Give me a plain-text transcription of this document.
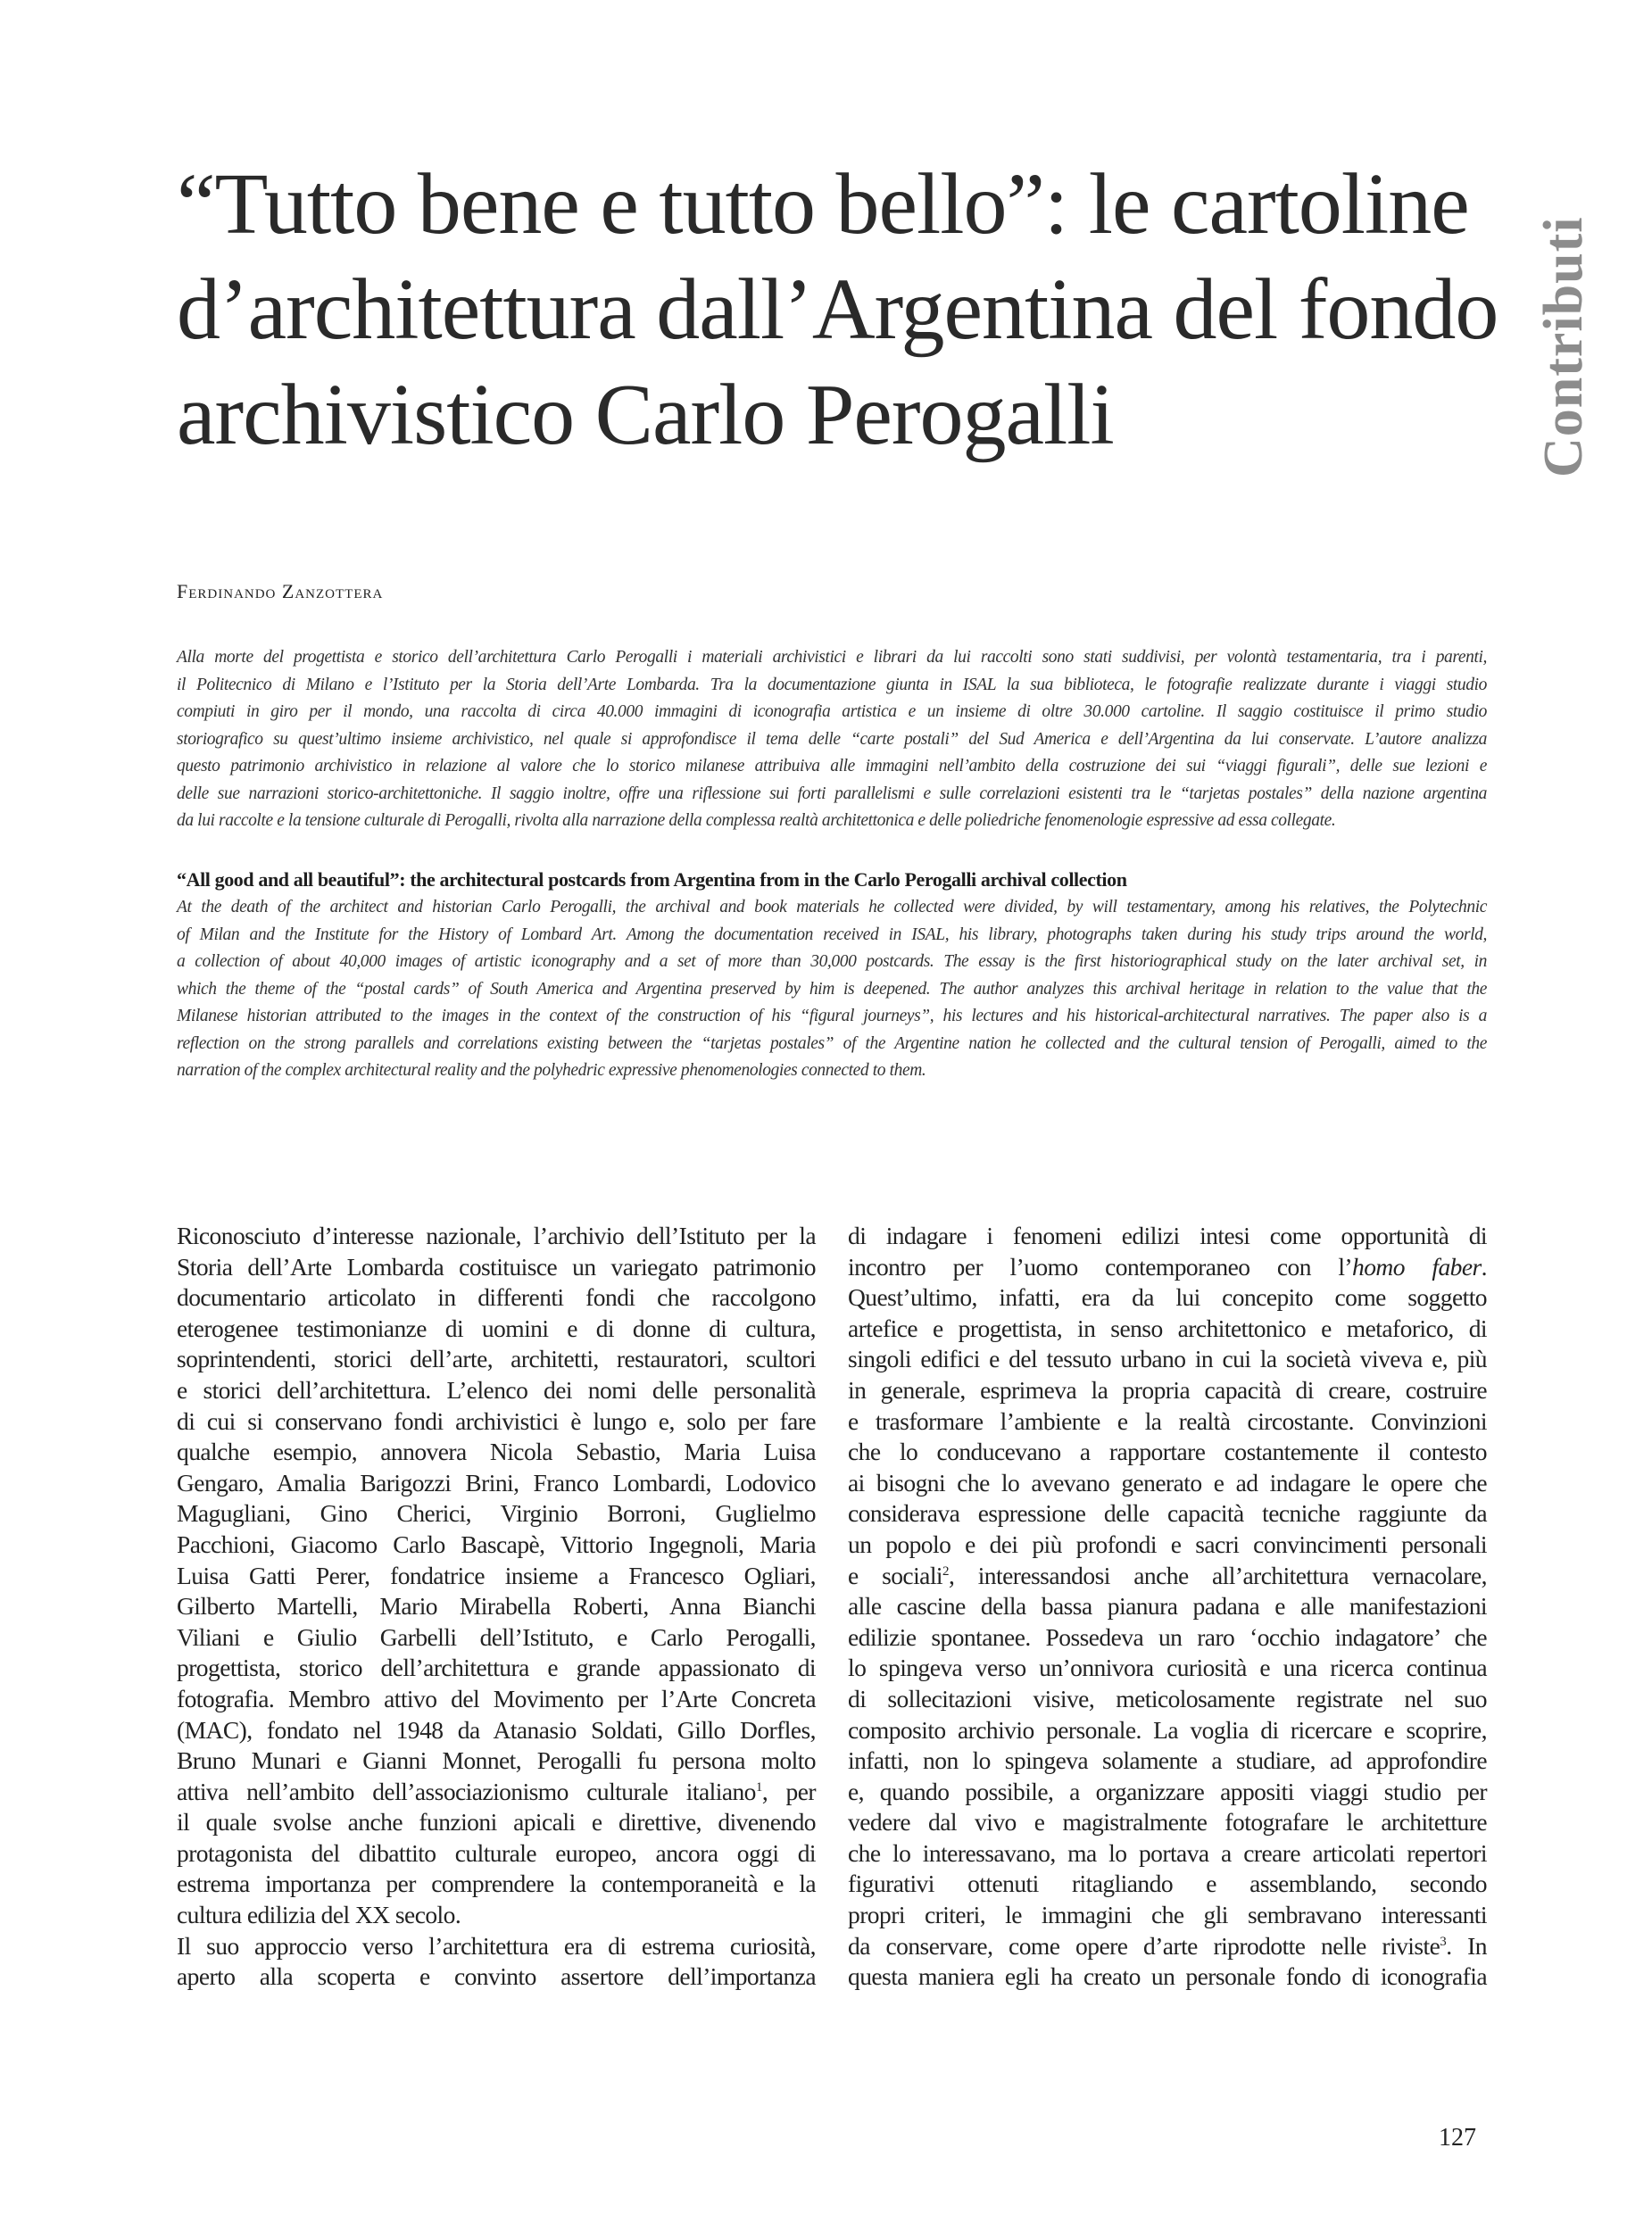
“Tutto bene e tutto bello”: le cartoline
d’architettura dall’Argentina del fondo
archivistico Carlo Perogalli	Contributi
Ferdinando Zanzottera
Alla morte del progettista e storico dell’architettura Carlo Perogalli i materiali archivistici e librari da lui raccolti sono stati suddivisi, per volontà testamentaria, tra i parenti,
il Politecnico di Milano e l’Istituto per la Storia dell’Arte Lombarda. Tra la documentazione giunta in ISAL la sua biblioteca, le fotografie realizzate durante i viaggi studio
compiuti in giro per il mondo, una raccolta di circa 40.000 immagini di iconografia artistica e un insieme di oltre 30.000 cartoline. Il saggio costituisce il primo studio
storiografico su quest’ultimo insieme archivistico, nel quale si approfondisce il tema delle “carte postali” del Sud America e dell’Argentina da lui conservate. L’autore analizza
questo patrimonio archivistico in relazione al valore che lo storico milanese attribuiva alle immagini nell’ambito della costruzione dei sui “viaggi figurali”, delle sue lezioni e
delle sue narrazioni storico-architettoniche. Il saggio inoltre, offre una riflessione sui forti parallelismi e sulle correlazioni esistenti tra le “tarjetas postales” della nazione argentina
da lui raccolte e la tensione culturale di Perogalli, rivolta alla narrazione della complessa realtà architettonica e delle poliedriche fenomenologie espressive ad essa collegate.
“All good and all beautiful”: the architectural postcards from Argentina from in the Carlo Perogalli archival collection
At the death of the architect and historian Carlo Perogalli, the archival and book materials he collected were divided, by will testamentary, among his relatives, the Polytechnic
of Milan and the Institute for the History of Lombard Art. Among the documentation received in ISAL, his library, photographs taken during his study trips around the world,
a collection of about 40,000 images of artistic iconography and a set of more than 30,000 postcards. The essay is the first historiographical study on the later archival set, in
which the theme of the “postal cards” of South America and Argentina preserved by him is deepened. The author analyzes this archival heritage in relation to the value that the
Milanese historian attributed to the images in the context of the construction of his “figural journeys”, his lectures and his historical-architectural narratives. The paper also is a
reflection on the strong parallels and correlations existing between the “tarjetas postales” of the Argentine nation he collected and the cultural tension of Perogalli, aimed to the
narration of the complex architectural reality and the polyhedric expressive phenomenologies connected to them.
Riconosciuto d’interesse nazionale, l’archivio dell’Istituto per la
Storia dell’Arte Lombarda costituisce un variegato patrimonio
documentario articolato in differenti fondi che raccolgono
eterogenee testimonianze di uomini e di donne di cultura,
soprintendenti, storici dell’arte, architetti, restauratori, scultori
e storici dell’architettura. L’elenco dei nomi delle personalità
di cui si conservano fondi archivistici è lungo e, solo per fare
qualche esempio, annovera Nicola Sebastio, Maria Luisa
Gengaro, Amalia Barigozzi Brini, Franco Lombardi, Lodovico
Magugliani, Gino Cherici, Virginio Borroni, Guglielmo
Pacchioni, Giacomo Carlo Bascapè, Vittorio Ingegnoli, Maria
Luisa Gatti Perer, fondatrice insieme a Francesco Ogliari,
Gilberto Martelli, Mario Mirabella Roberti, Anna Bianchi
Viliani e Giulio Garbelli dell’Istituto, e Carlo Perogalli,
progettista, storico dell’architettura e grande appassionato di
fotografia. Membro attivo del Movimento per l’Arte Concreta
(MAC), fondato nel 1948 da Atanasio Soldati, Gillo Dorfles,
Bruno Munari e Gianni Monnet, Perogalli fu persona molto
attiva nell’ambito dell’associazionismo culturale italiano$^1$, per
il quale svolse anche funzioni apicali e direttive, divenendo
protagonista del dibattito culturale europeo, ancora oggi di
estrema importanza per comprendere la contemporaneità e la
cultura edilizia del XX secolo.
Il suo approccio verso l’architettura era di estrema curiosità,
aperto alla scoperta e convinto assertore dell’importanza
di indagare i fenomeni edilizi intesi come opportunità di
incontro per l’uomo contemporaneo con l’homo faber.
Quest’ultimo, infatti, era da lui concepito come soggetto
artefice e progettista, in senso architettonico e metaforico, di
singoli edifici e del tessuto urbano in cui la società viveva e, più
in generale, esprimeva la propria capacità di creare, costruire
e trasformare l’ambiente e la realtà circostante. Convinzioni
che lo conducevano a rapportare costantemente il contesto
ai bisogni che lo avevano generato e ad indagare le opere che
considerava espressione delle capacità tecniche raggiunte da
un popolo e dei più profondi e sacri convincimenti personali
e sociali$^2$, interessandosi anche all’architettura vernacolare,
alle cascine della bassa pianura padana e alle manifestazioni
edilizie spontanee. Possedeva un raro ‘occhio indagatore’ che
lo spingeva verso un’onnivora curiosità e una ricerca continua
di sollecitazioni visive, meticolosamente registrate nel suo
composito archivio personale. La voglia di ricercare e scoprire,
infatti, non lo spingeva solamente a studiare, ad approfondire
e, quando possibile, a organizzare appositi viaggi studio per
vedere dal vivo e magistralmente fotografare le architetture
che lo interessavano, ma lo portava a creare articolati repertori
figurativi ottenuti ritagliando e assemblando, secondo
propri criteri, le immagini che gli sembravano interessanti
da conservare, come opere d’arte riprodotte nelle riviste$^3$. In
questa maniera egli ha creato un personale fondo di iconografia
127
